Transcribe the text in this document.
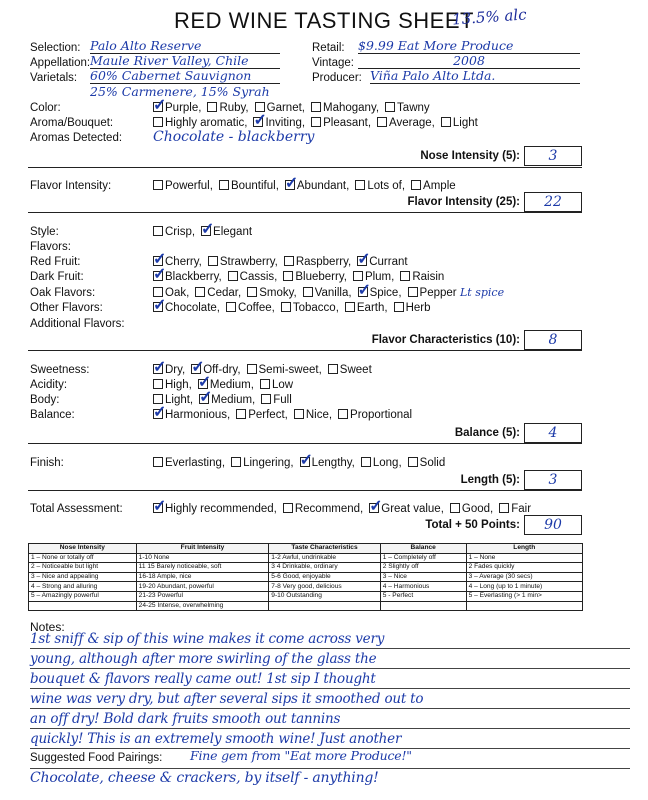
RED WINE TASTING SHEET
13.5% alc
Selection: Palo Alto Reserve
Appellation: Maule River Valley, Chile
Varietals: 60% Cabernet Sauvignon
25% Carmenere, 15% Syrah
Retail: $9.99 Eat More Produce
Vintage:	2008
Producer: Viña Palo Alto Ltda.
Color: ✓	Purple, Ruby, Garnet, Mahogany, Tawny
Aroma/Bouquet:	Highly aromatic, ✓ Inviting, Pleasant, Average, Light
Aromas Detected: Chocolate - blackberry
Nose Intensity (5):	3
Flavor Intensity:	Powerful, Bountiful, ✓ Abundant, Lots of, Ample
Flavor Intensity (25):	22
Style:	Crisp, ✓ Elegant
Flavors:
Red Fruit: ✓	Cherry, Strawberry, Raspberry, ✓ Currant
Dark Fruit: ✓	Blackberry, Cassis, Blueberry, Plum, Raisin
Oak Flavors:	Oak, Cedar, Smoky, Vanilla, ✓ Spice, Pepper Lt spice
Other Flavors: ✓	Chocolate, Coffee, Tobacco, Earth, Herb
Additional Flavors:
Flavor Characteristics (10):	8
Sweetness: ✓	Dry, ✓ Off-dry, Semi-sweet, Sweet
Acidity:	High, ✓ Medium, Low
Body:	Light, ✓ Medium, Full
Balance: ✓	Harmonious, Perfect, Nice, Proportional
Balance (5):	4
Finish:	Everlasting, Lingering, ✓ Lengthy, Long, Solid
Length (5):	3
Total Assessment: ✓	Highly recommended, Recommend, ✓ Great value, Good, Fair
Total + 50 Points:	90
Nose Intensity	Fruit Intensity	Taste Characteristics	Balance	Length
1 – None or totally off	1-10 None	1-2 Awful, undrinkable	1 – Completely off	1 – None
2 – Noticeable but light	11 15 Barely noticeable, soft	3 4 Drinkable, ordinary	2 Slightly off	2 Fades quickly
3 – Nice and appealing	16-18 Ample, nice	5-6 Good, enjoyable	3 – Nice	3 – Average (30 secs)
4 – Strong and alluring	19-20 Abundant, powerful	7-8 Very good, delicious	4 – Harmonious	4 – Long (up to 1 minute)
5 – Amazingly powerful	21-23 Powerful	9-10 Outstanding	5 - Perfect	5 – Everlasting (> 1 min>
	24-25 Intense, overwhelming			
Notes:
1st sniff & sip of this wine makes it come across very
young, although after more swirling of the glass the
bouquet & flavors really came out! 1st sip I thought
wine was very dry, but after several sips it smoothed out to
an off dry! Bold dark fruits smooth out tannins
quickly! This is an extremely smooth wine! Just another
Suggested Food Pairings: Fine gem from "Eat more Produce!"
Chocolate, cheese & crackers, by itself - anything!
